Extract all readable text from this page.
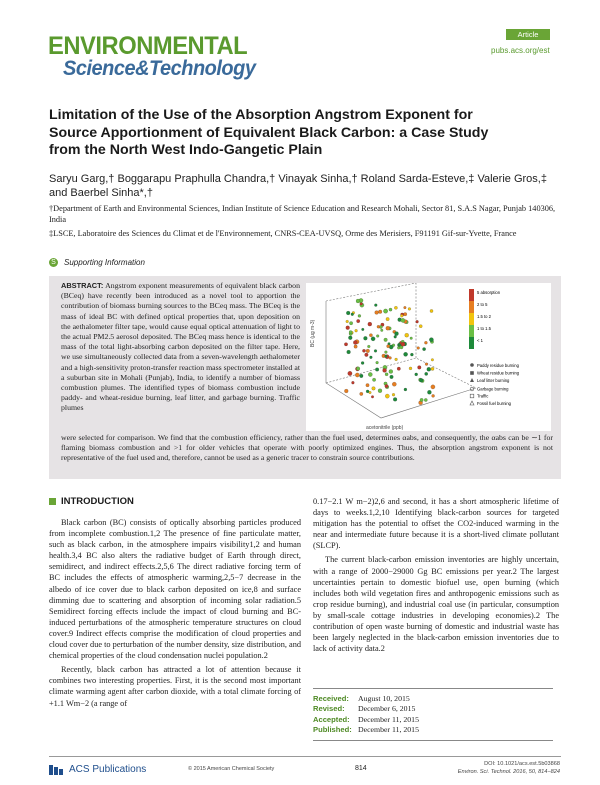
ENVIRONMENTAL
Science&Technology
Article
pubs.acs.org/est
Limitation of the Use of the Absorption Angstrom Exponent for
Source Apportionment of Equivalent Black Carbon: a Case Study
from the North West Indo-Gangetic Plain
Saryu Garg,† Boggarapu Praphulla Chandra,† Vinayak Sinha,† Roland Sarda-Esteve,‡ Valerie Gros,‡
and Baerbel Sinha*,†
†Department of Earth and Environmental Sciences, Indian Institute of Science Education and Research Mohali, Sector 81, S.A.S Nagar, Punjab 140306, India
‡LSCE, Laboratoire des Sciences du Climat et de l'Environnement, CNRS-CEA-UVSQ, Orme des Merisiers, F91191 Gif-sur-Yvette, France
S Supporting Information
ABSTRACT: Angstrom exponent measurements of equivalent black carbon (BCeq) have recently been introduced as a novel tool to apportion the contribution of biomass burning sources to the BCeq mass. The BCeq is the mass of ideal BC with defined optical properties that, upon deposition on the aethalometer filter tape, would cause equal optical attenuation of light to the actual PM2.5 aerosol deposited. The BCeq mass hence is identical to the mass of the total light-absorbing carbon deposited on the filter tape. Here, we use simultaneously collected data from a seven-wavelength aethalometer and a high-sensitivity proton-transfer reaction mass spectrometer installed at a suburban site in Mohali (Punjab), India, to identify a number of biomass combustion plumes. The identified types of biomass combustion include paddy- and wheat-residue burning, leaf litter, and garbage burning. Traffic plumes
were selected for comparison. We find that the combustion efficiency, rather than the fuel used, determines αabs, and consequently, the αabs can be ∼1 for flaming biomass combustion and >1 for older vehicles that operate with poorly optimized engines. Thus, the absorption angstrom exponent is not representative of the fuel used and, therefore, cannot be used as a generic tracer to constrain source contributions.
acetonitrile (ppb)
BC (µg m-3)
5 absorption
2 to 5
1.5 to 2
1 to 1.5
< 1
Paddy residue burning
Wheat residue burning
Leaf litter burning
Garbage burning
Traffic
Fossil fuel burning
INTRODUCTION

Black carbon (BC) consists of optically absorbing particles produced from incomplete combustion.1,2 The presence of fine particulate matter, such as black carbon, in the atmosphere impairs visibility1,2 and human health.3,4 BC also alters the radiative budget of Earth through direct, semidirect, and indirect effects.2,5,6 The direct radiative forcing term of BC includes the effects of atmospheric warming,2,5−7 decrease in the albedo of ice cover due to black carbon deposited on ice,8 and surface dimming due to scattering and absorption of incoming solar radiation.5 Semidirect forcing effects include the impact of cloud burning and BC-induced perturbations of the atmospheric temperature structures on cloud cover.9 Indirect effects comprise the modification of cloud properties and cloud cover due to perturbation of the number density, size distribution, and chemical properties of the cloud condensation nuclei population.2

Recently, black carbon has attracted a lot of attention because it combines two interesting properties. First, it is the second most important climate warming agent after carbon dioxide, with a total climate forcing of +1.1 Wm−2 (a range of

0.17−2.1 W m−2)2,6 and second, it has a short atmospheric lifetime of days to weeks.1,2,10 Identifying black-carbon sources for targeted mitigation has the potential to offset the CO2-induced warming in the near and intermediate future because it is a short-lived climate pollutant (SLCP).

The current black-carbon emission inventories are highly uncertain, with a range of 2000−29000 Gg BC emissions per year.2 The largest uncertainties pertain to domestic biofuel use, open burning (which includes both wild vegetation fires and anthropogenic emissions such as crop residue burning), and industrial coal use (in particular, consumption by small-scale cottage industries in developing economies).2 The contribution of open waste burning of domestic and industrial waste has been largely neglected in the black-carbon emission inventories due to lack of activity data.2

Received:	August 10, 2015
Revised:	December 6, 2015
Accepted:	December 11, 2015
Published: December 11, 2015
ACS Publications	© 2015 American Chemical Society	814
DOI: 10.1021/acs.est.5b03868
Environ. Sci. Technol. 2016, 50, 814−824
